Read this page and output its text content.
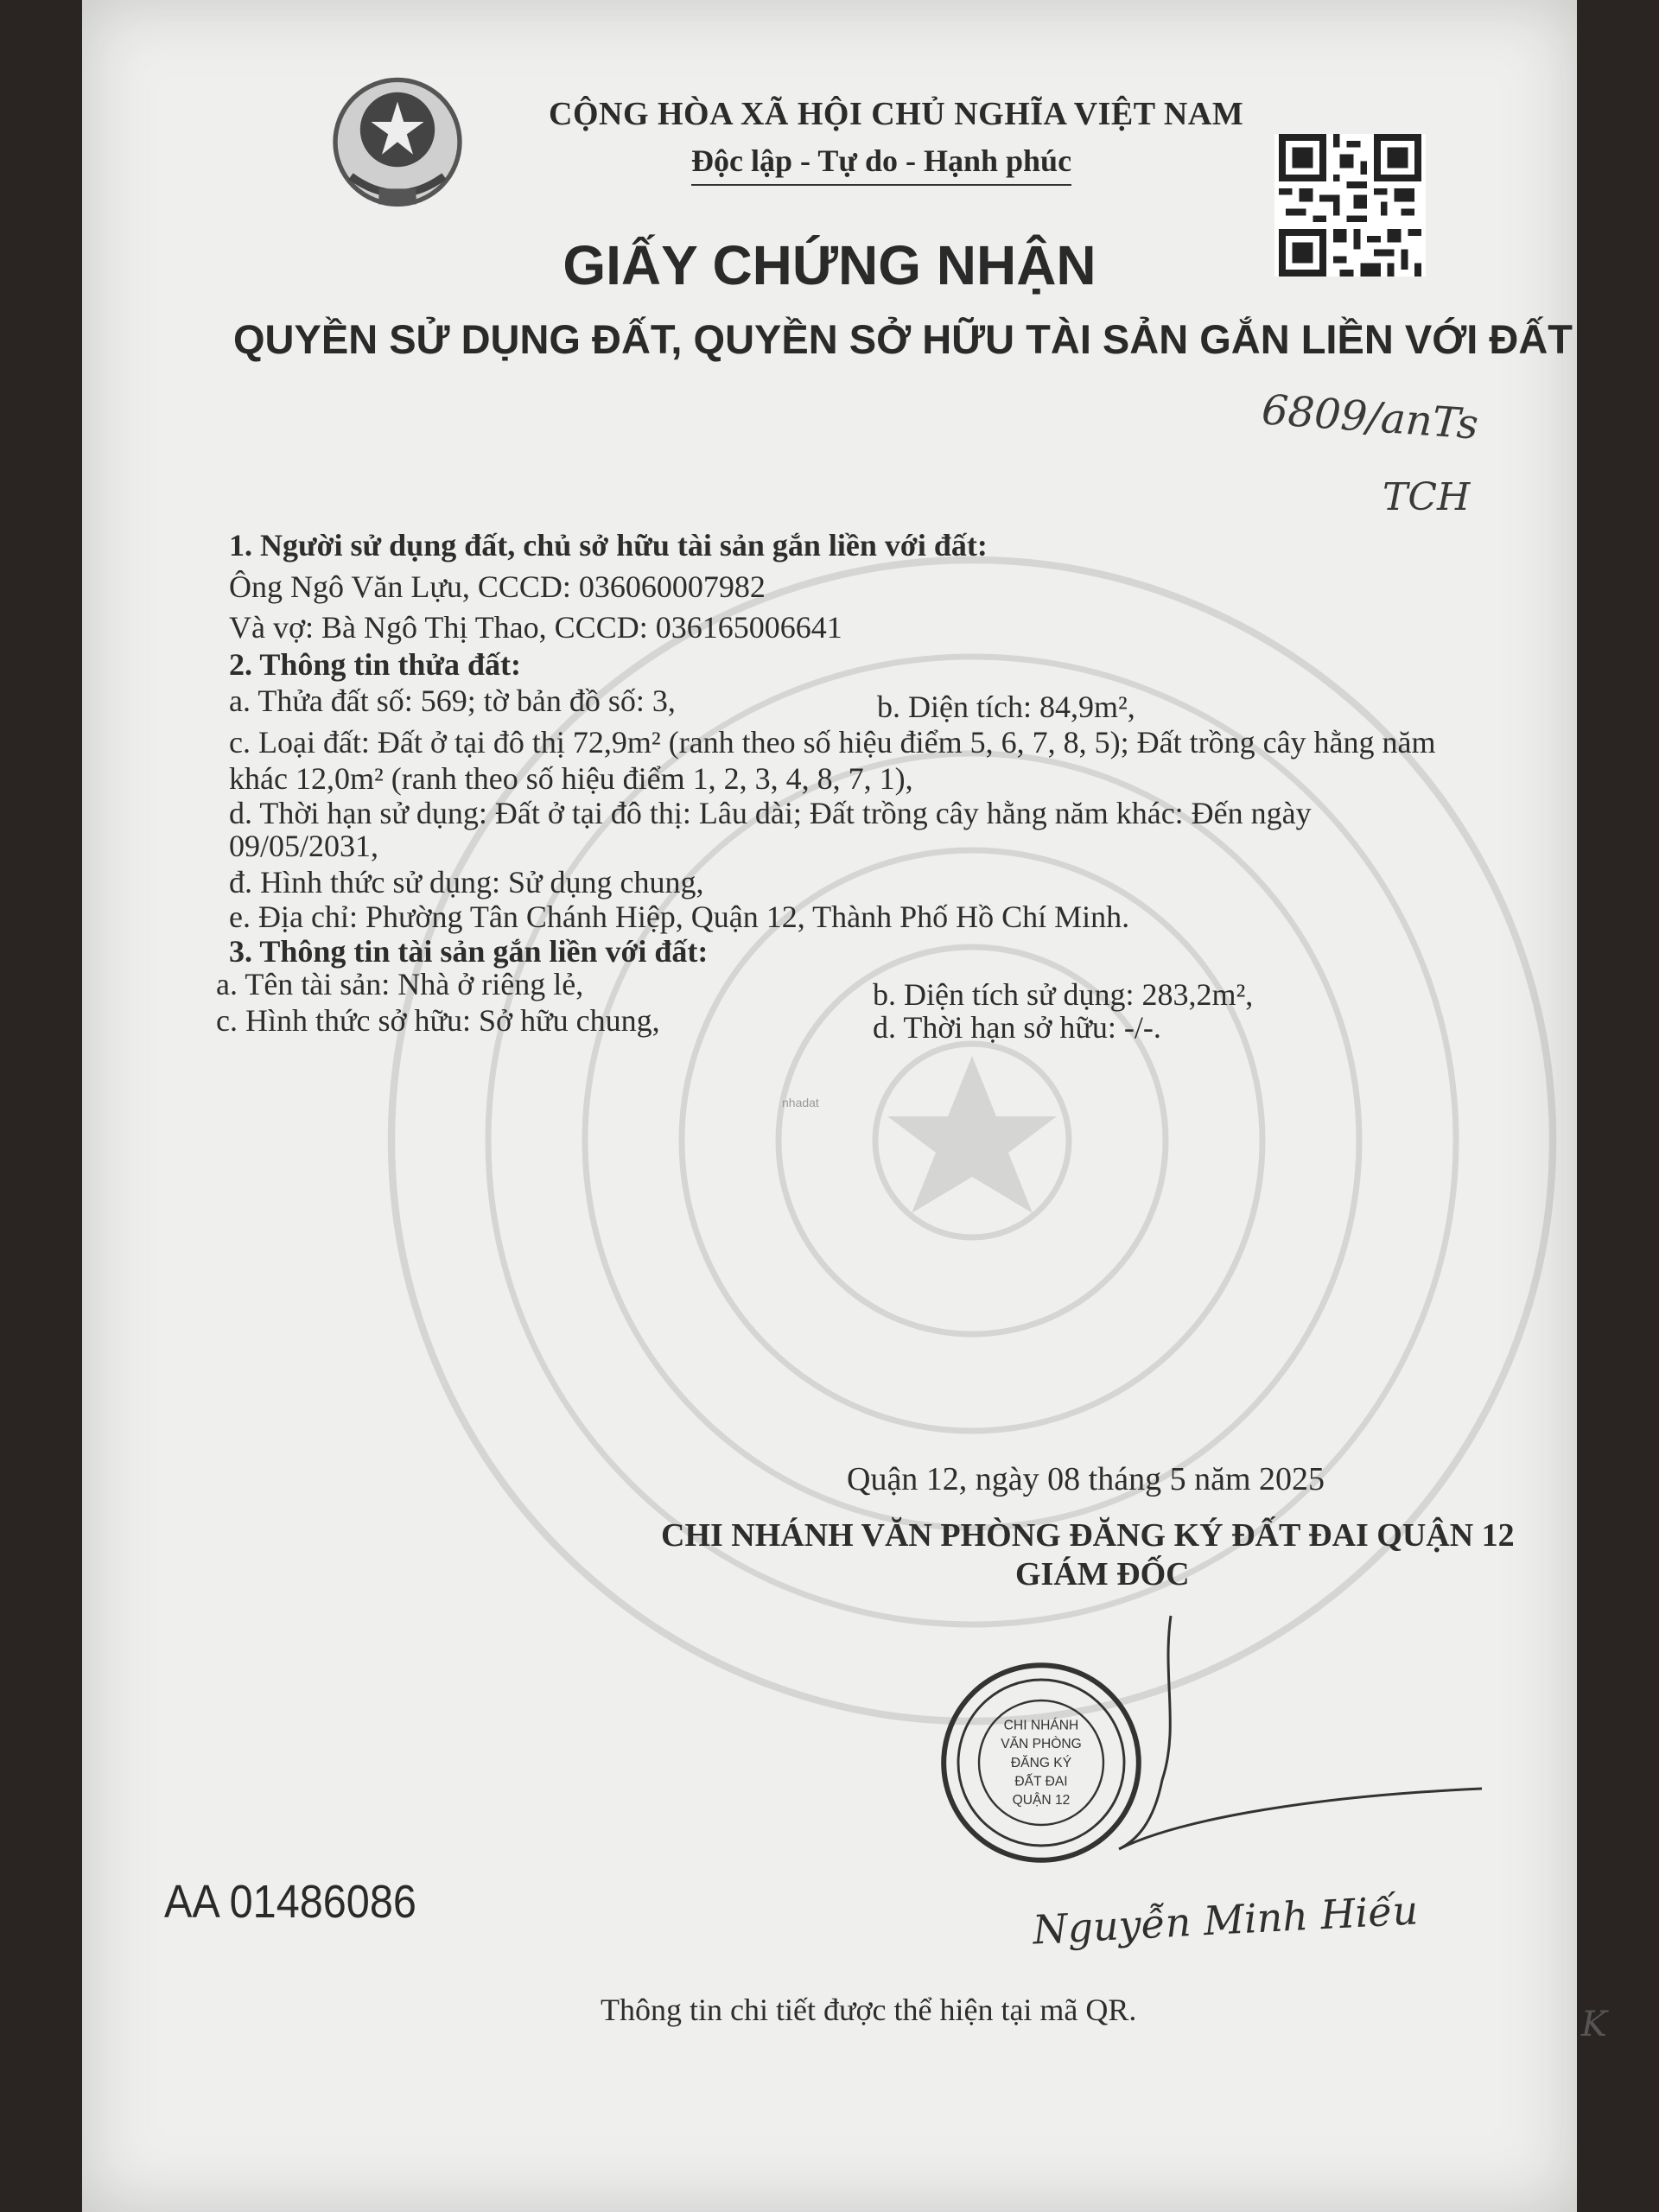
CỘNG HÒA XÃ HỘI CHỦ NGHĨA VIỆT NAM
Độc lập - Tự do - Hạnh phúc
GIẤY CHỨNG NHẬN
QUYỀN SỬ DỤNG ĐẤT, QUYỀN SỞ HỮU TÀI SẢN GẮN LIỀN VỚI ĐẤT
6809/anTs
TCH
1. Người sử dụng đất, chủ sở hữu tài sản gắn liền với đất:
Ông Ngô Văn Lựu, CCCD: 036060007982
Và vợ: Bà Ngô Thị Thao, CCCD: 036165006641
2. Thông tin thửa đất:
a. Thửa đất số: 569; tờ bản đồ số: 3,	b. Diện tích: 84,9m²,
c. Loại đất: Đất ở tại đô thị 72,9m² (ranh theo số hiệu điểm 5, 6, 7, 8, 5); Đất trồng cây hằng năm
khác 12,0m² (ranh theo số hiệu điểm 1, 2, 3, 4, 8, 7, 1),
d. Thời hạn sử dụng: Đất ở tại đô thị: Lâu dài; Đất trồng cây hằng năm khác: Đến ngày
09/05/2031,
đ. Hình thức sử dụng: Sử dụng chung,
e. Địa chỉ: Phường Tân Chánh Hiệp, Quận 12, Thành Phố Hồ Chí Minh.
3. Thông tin tài sản gắn liền với đất:
a. Tên tài sản: Nhà ở riêng lẻ,	b. Diện tích sử dụng: 283,2m²,
c. Hình thức sở hữu: Sở hữu chung,	d. Thời hạn sở hữu: -/-.
nhadat
Quận 12, ngày 08 tháng 5 năm 2025
CHI NHÁNH VĂN PHÒNG ĐĂNG KÝ ĐẤT ĐAI QUẬN 12
GIÁM ĐỐC
CHI NHÁNH
VĂN PHÒNG
ĐĂNG KÝ
ĐẤT ĐAI
QUẬN 12
Nguyễn Minh Hiếu
AA 01486086
Thông tin chi tiết được thể hiện tại mã QR.	K
